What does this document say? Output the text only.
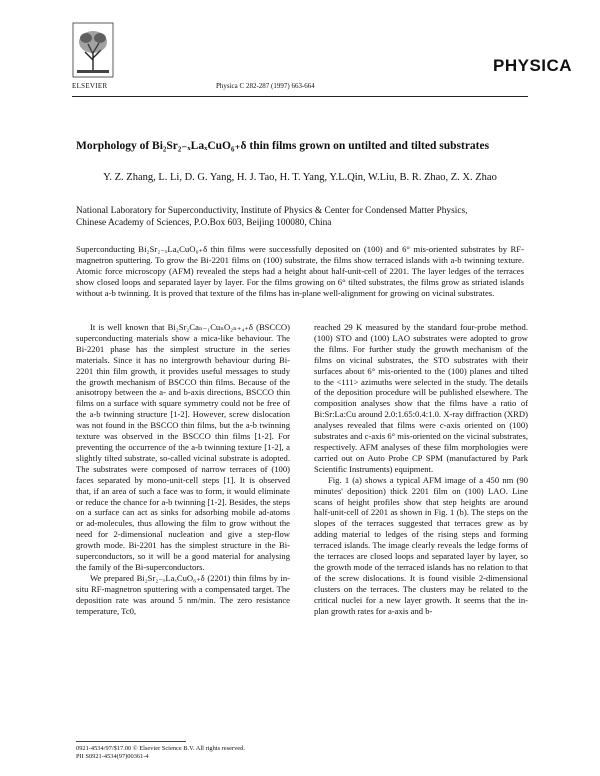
ELSEVIER	Physica C 282-287 (1997) 663-664
PHYSICA
Morphology of Bi₂Sr₂₋ₓLaₓCuO₆₊δ thin films grown on untilted and tilted substrates
Y. Z. Zhang, L. Li, D. G. Yang, H. J. Tao, H. T. Yang, Y.L.Qin, W.Liu, B. R. Zhao, Z. X. Zhao
National Laboratory for Superconductivity, Institute of Physics & Center for Condensed Matter Physics,
Chinese Academy of Sciences, P.O.Box 603, Beijing 100080, China
Superconducting Bi₂Sr₂₋ₓLaₓCuO₆₊δ thin films were successfully deposited on (100) and 6° mis-oriented substrates by RF-magnetron sputtering. To grow the Bi-2201 films on (100) substrate, the films show terraced islands with a-b twinning texture. Atomic force microscopy (AFM) revealed the steps had a height about half-unit-cell of 2201. The layer ledges of the terraces show closed loops and separated layer by layer. For the films growing on 6° tilted substrates, the films grow as striated islands without a-b twinning. It is proved that texture of the films has in-plane well-alignment for growing on vicinal substrates.

It is well known that Bi₂Sr₂Caₙ₋₁CuₙO₂ₙ₊₄₊δ (BSCCO) superconducting materials show a mica-like behaviour. The Bi-2201 phase has the simplest structure in the series materials. Since it has no intergrowth behaviour during Bi-2201 thin film growth, it provides useful messages to study the growth mechanism of BSCCO thin films. Because of the anisotropy between the a- and b-axis directions, BSCCO thin films on a surface with square symmetry could not be free of the a-b twinning structure [1-2]. However, screw dislocation was not found in the BSCCO thin films, but the a-b twinning texture was observed in the BSCCO thin films [1-2]. For preventing the occurrence of the a-b twinning texture [1-2], a slightly tilted substrate, so-called vicinal substrate is adopted. The substrates were composed of narrow terraces of (100) faces separated by mono-unit-cell steps [1]. It is observed that, if an area of such a face was to form, it would eliminate or reduce the chance for a-b twinning [1-2]. Besides, the steps on a surface can act as sinks for adsorbing mobile ad-atoms or ad-molecules, thus allowing the film to grow without the need for 2-dimensional nucleation and give a step-flow growth mode. Bi-2201 has the simplest structure in the Bi-superconductors, so it will be a good material for analysing the family of the Bi-superconductors.

We prepared Bi₂Sr₂₋ₓLaₓCuO₆₊δ (2201) thin films by in-situ RF-magnetron sputtering with a compensated target. The deposition rate was around 5 nm/min. The zero resistance temperature, Tc0,

reached 29 K measured by the standard four-probe method. (100) STO and (100) LAO substrates were adopted to grow the films. For further study the growth mechanism of the films on vicinal substrates, the STO substrates with their surfaces about 6° mis-oriented to the (100) planes and tilted to the <111> azimuths were selected in the study. The details of the deposition procedure will be published elsewhere. The composition analyses show that the films have a ratio of Bi:Sr:La:Cu around 2.0:1.65:0.4:1.0. X-ray diffraction (XRD) analyses revealed that films were c-axis oriented on (100) substrates and c-axis 6° mis-oriented on the vicinal substrates, respectively. AFM analyses of these film morphologies were carried out on Auto Probe CP SPM (manufactured by Park Scientific Instruments) equipment.

Fig. 1 (a) shows a typical AFM image of a 450 nm (90 minutes' deposition) thick 2201 film on (100) LAO. Line scans of height profiles show that step heights are around half-unit-cell of 2201 as shown in Fig. 1 (b). The steps on the slopes of the terraces suggested that terraces grew as by adding material to ledges of the rising steps and forming terraced islands. The image clearly reveals the ledge forms of the terraces are closed loops and separated layer by layer, so the growth mode of the terraced islands has no relation to that of the screw dislocations. It is found visible 2-dimensional clusters on the terraces. The clusters may be related to the critical nuclei for a new layer growth. It seems that the in-plan growth rates for a-axis and b-

0921-4534/97/$17.00 © Elsevier Science B.V. All rights reserved.
PII S0921-4534(97)00361-4
